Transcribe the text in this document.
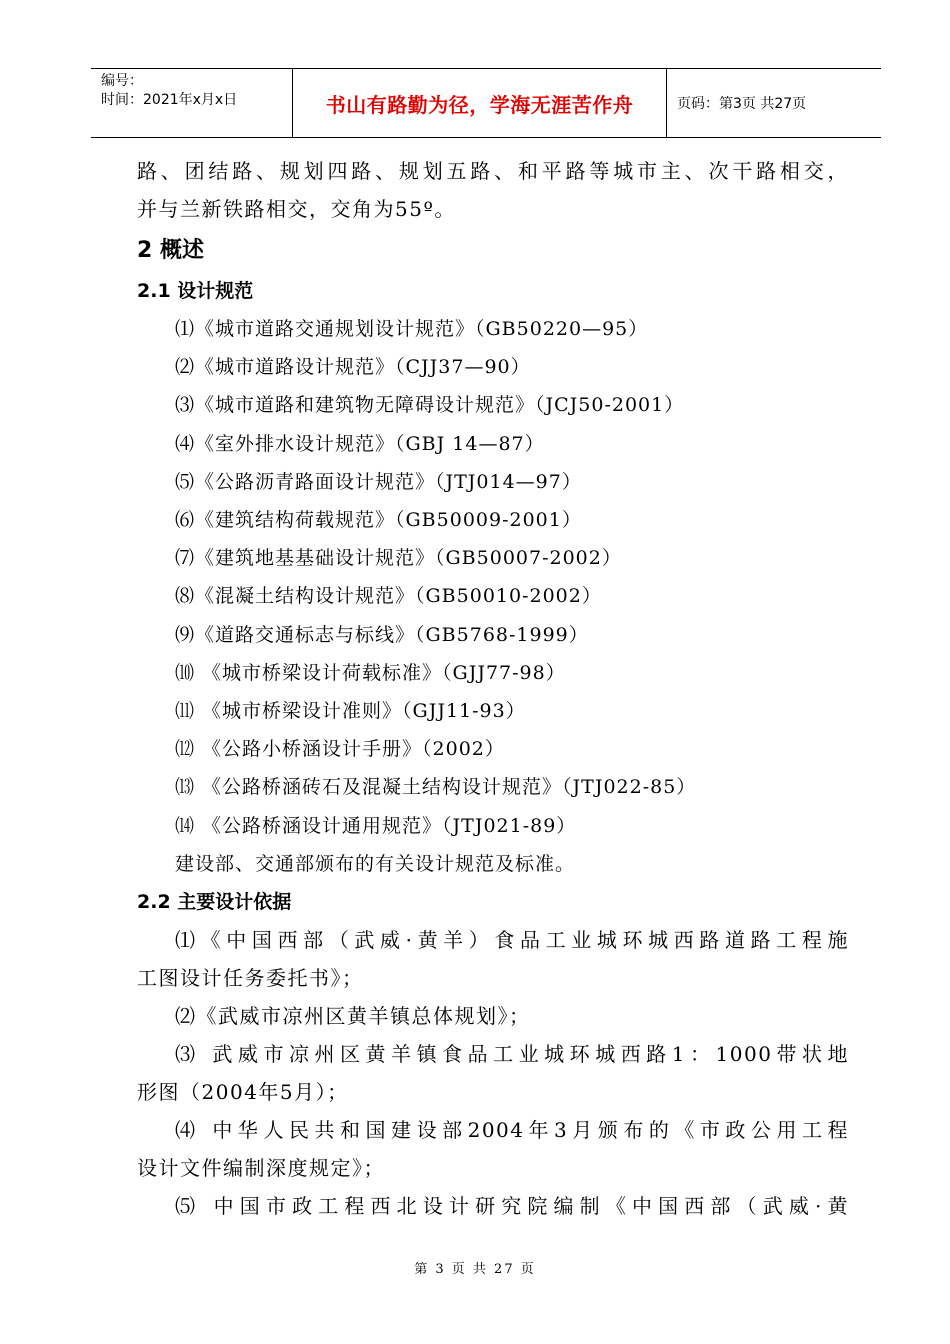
编号：
时间：2021年x月x日	书山有路勤为径，学海无涯苦作舟	页码：第3页 共27页

路、团结路、规划四路、规划五路、和平路等城市主、次干路相交，

并与兰新铁路相交，交角为55º。

2 概述
2.1 设计规范

⑴《城市道路交通规划设计规范》（GB50220—95）

⑵《城市道路设计规范》（CJJ37—90）

⑶《城市道路和建筑物无障碍设计规范》（JCJ50-2001）

⑷《室外排水设计规范》（GBJ 14—87）

⑸《公路沥青路面设计规范》（JTJ014—97）

⑹《建筑结构荷载规范》（GB50009-2001）

⑺《建筑地基基础设计规范》（GB50007-2002）

⑻《混凝土结构设计规范》（GB50010-2002）

⑼《道路交通标志与标线》（GB5768-1999）

⑽ 《城市桥梁设计荷载标准》（GJJ77-98）

⑾ 《城市桥梁设计准则》（GJJ11-93）

⑿ 《公路小桥涵设计手册》（2002）

⒀ 《公路桥涵砖石及混凝土结构设计规范》（JTJ022-85）

⒁ 《公路桥涵设计通用规范》（JTJ021-89）

建设部、交通部颁布的有关设计规范及标准。

2.2 主要设计依据

⑴《中国西部（武威·黄羊）食品工业城环城西路道路工程施

工图设计任务委托书》；

⑵《武威市凉州区黄羊镇总体规划》；

⑶ 武威市凉州区黄羊镇食品工业城环城西路1：1000带状地

形图（2004年5月）；

⑷ 中华人民共和国建设部2004年3月颁布的《市政公用工程

设计文件编制深度规定》；

⑸ 中国市政工程西北设计研究院编制《中国西部（武威·黄

第 3 页 共 27 页
